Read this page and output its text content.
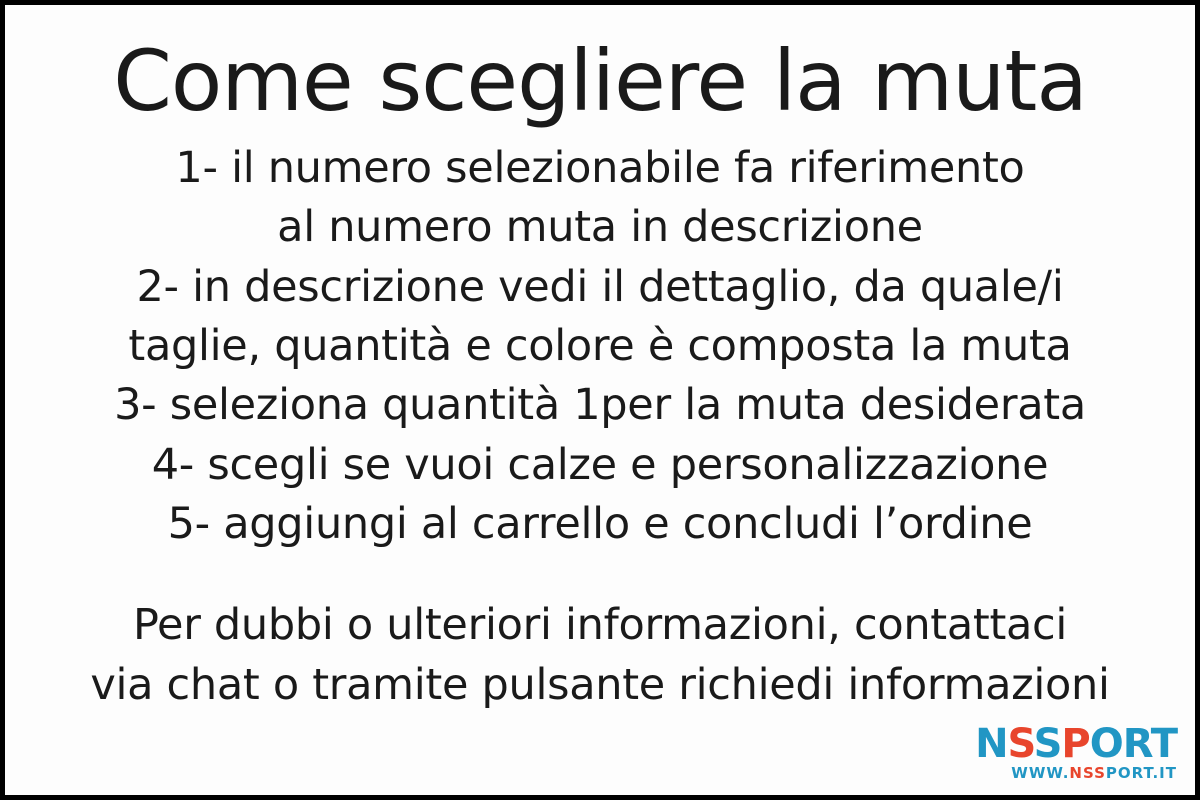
Come scegliere la muta
1- il numero selezionabile fa riferimento
al numero muta in descrizione
2- in descrizione vedi il dettaglio, da quale/i
taglie, quantità e colore è composta la muta
3- seleziona quantità 1per la muta desiderata
4- scegli se vuoi calze e personalizzazione
5- aggiungi al carrello e concludi l’ordine
Per dubbi o ulteriori informazioni, contattaci
via chat o tramite pulsante richiedi informazioni
NSSPORT
WWW.NSSPORT.IT
